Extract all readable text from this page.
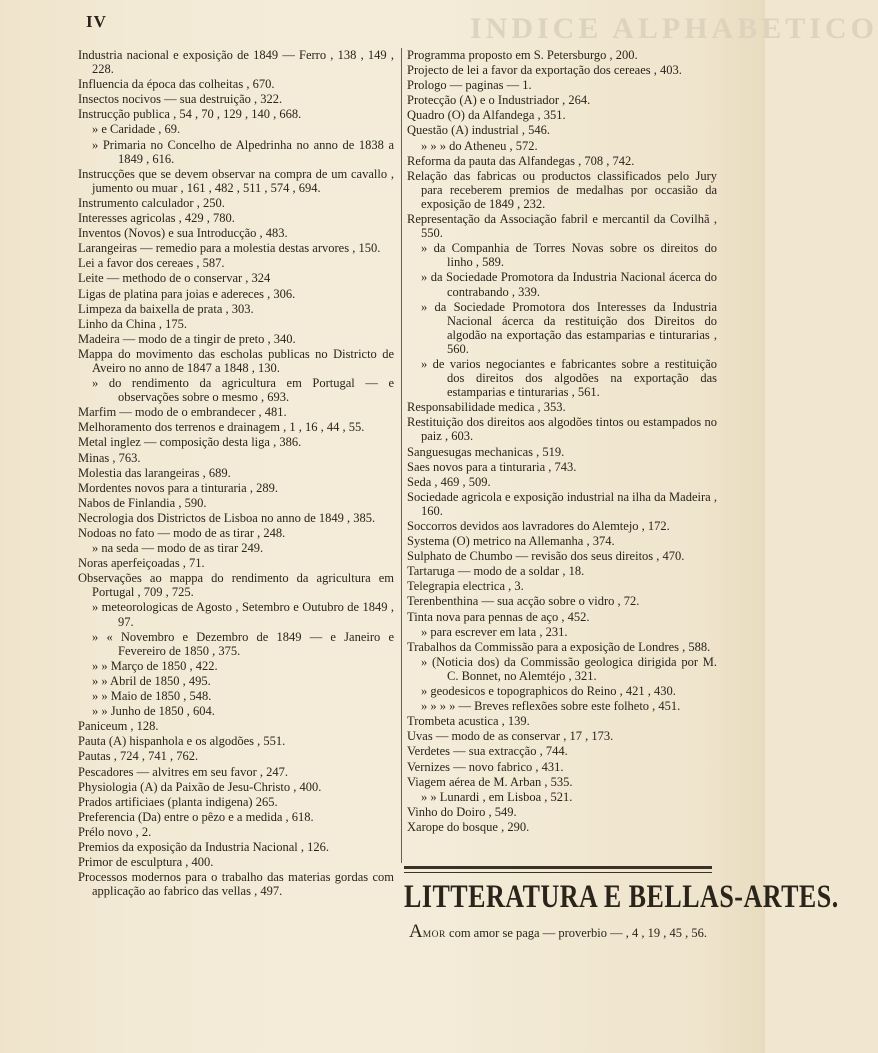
INDICE ALPHABETICO
IV

Industria nacional e exposição de 1849 — Ferro , 138 , 149 , 228.

Influencia da época das colheitas , 670.

Insectos nocivos — sua destruição , 322.

Instrucção publica , 54 , 70 , 129 , 140 , 668.

» e Caridade , 69.

» Primaria no Concelho de Alpedrinha no anno de 1838 a 1849 , 616.

Instrucções que se devem observar na compra de um cavallo , jumento ou muar , 161 , 482 , 511 , 574 , 694.

Instrumento calculador , 250.

Interesses agricolas , 429 , 780.

Inventos (Novos) e sua Introducção , 483.

Larangeiras — remedio para a molestia destas arvores , 150.

Lei a favor dos cereaes , 587.

Leite — methodo de o conservar , 324

Ligas de platina para joias e adereces , 306.

Limpeza da baixella de prata , 303.

Linho da China , 175.

Madeira — modo de a tingir de preto , 340.

Mappa do movimento das escholas publicas no Districto de Aveiro no anno de 1847 a 1848 , 130.

» do rendimento da agricultura em Portugal — e observações sobre o mesmo , 693.

Marfim — modo de o embrandecer , 481.

Melhoramento dos terrenos e drainagem , 1 , 16 , 44 , 55.

Metal inglez — composição desta liga , 386.

Minas , 763.

Molestia das larangeiras , 689.

Mordentes novos para a tinturaria , 289.

Nabos de Finlandia , 590.

Necrologia dos Districtos de Lisboa no anno de 1849 , 385.

Nodoas no fato — modo de as tirar , 248.

» na seda — modo de as tirar 249.

Noras aperfeiçoadas , 71.

Observações ao mappa do rendimento da agricultura em Portugal , 709 , 725.

» meteorologicas de Agosto , Setembro e Outubro de 1849 , 97.

» « Novembro e Dezembro de 1849 — e Janeiro e Fevereiro de 1850 , 375.

» » Março de 1850 , 422.

» » Abril de 1850 , 495.

» » Maio de 1850 , 548.

» » Junho de 1850 , 604.

Paniceum , 128.

Pauta (A) hispanhola e os algodões , 551.

Pautas , 724 , 741 , 762.

Pescadores — alvitres em seu favor , 247.

Physiologia (A) da Paixão de Jesu-Christo , 400.

Prados artificiaes (planta indigena) 265.

Preferencia (Da) entre o pêzo e a medida , 618.

Prélo novo , 2.

Premios da exposição da Industria Nacional , 126.

Primor de esculptura , 400.

Processos modernos para o trabalho das materias gordas com applicação ao fabrico das vellas , 497.

Programma proposto em S. Petersburgo , 200.

Projecto de lei a favor da exportação dos cereaes , 403.

Prologo — paginas — 1.

Protecção (A) e o Industriador , 264.

Quadro (O) da Alfandega , 351.

Questão (A) industrial , 546.

» » » do Atheneu , 572.

Reforma da pauta das Alfandegas , 708 , 742.

Relação das fabricas ou productos classificados pelo Jury para receberem premios de medalhas por occasião da exposição de 1849 , 232.

Representação da Associação fabril e mercantil da Covilhã , 550.

» da Companhia de Torres Novas sobre os direitos do linho , 589.

» da Sociedade Promotora da Industria Nacional ácerca do contrabando , 339.

» da Sociedade Promotora dos Interesses da Industria Nacional ácerca da restituição dos Direitos do algodão na exportação das estamparias e tinturarias , 560.

» de varios negociantes e fabricantes sobre a restituição dos direitos dos algodões na exportação das estamparias e tinturarias , 561.

Responsabilidade medica , 353.

Restituição dos direitos aos algodões tintos ou estampados no paiz , 603.

Sanguesugas mechanicas , 519.

Saes novos para a tinturaria , 743.

Seda , 469 , 509.

Sociedade agricola e exposição industrial na ilha da Madeira , 160.

Soccorros devidos aos lavradores do Alemtejo , 172.

Systema (O) metrico na Allemanha , 374.

Sulphato de Chumbo — revisão dos seus direitos , 470.

Tartaruga — modo de a soldar , 18.

Telegrapia electrica , 3.

Terenbenthina — sua acção sobre o vidro , 72.

Tinta nova para pennas de aço , 452.

» para escrever em lata , 231.

Trabalhos da Commissão para a exposição de Londres , 588.

» (Noticia dos) da Commissão geologica dirigida por M. C. Bonnet, no Alemtéjo , 321.

» geodesicos e topographicos do Reino , 421 , 430.

» » » » — Breves reflexões sobre este folheto , 451.

Trombeta acustica , 139.

Uvas — modo de as conservar , 17 , 173.

Verdetes — sua extracção , 744.

Vernizes — novo fabrico , 431.

Viagem aérea de M. Arban , 535.

» » Lunardi , em Lisboa , 521.

Vinho do Doiro , 549.

Xarope do bosque , 290.

LITTERATURA E BELLAS-ARTES.
AMOR com amor se paga — proverbio — , 4 , 19 , 45 , 56.
